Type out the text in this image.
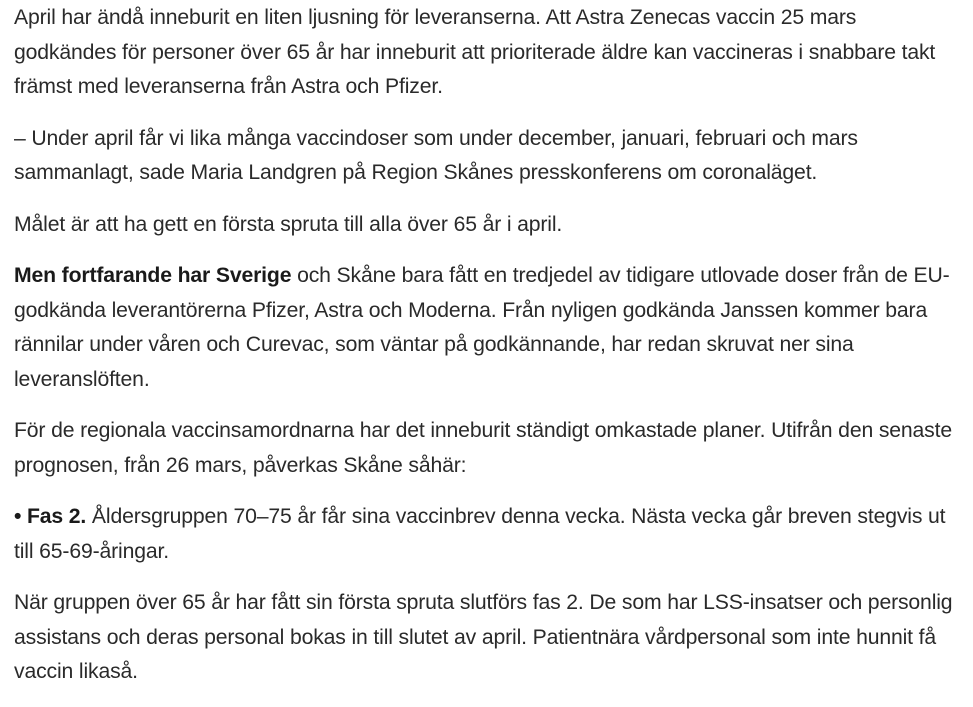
April har ändå inneburit en liten ljusning för leveranserna. Att Astra Zenecas vaccin 25 mars godkändes för personer över 65 år har inneburit att prioriterade äldre kan vaccineras i snabbare takt främst med leveranserna från Astra och Pfizer.

– Under april får vi lika många vaccindoser som under december, januari, februari och mars sammanlagt, sade Maria Landgren på Region Skånes presskonferens om coronaläget.

Målet är att ha gett en första spruta till alla över 65 år i april.

Men fortfarande har Sverige och Skåne bara fått en tredjedel av tidigare utlovade doser från de EU-godkända leverantörerna Pfizer, Astra och Moderna. Från nyligen godkända Janssen kommer bara rännilar under våren och Curevac, som väntar på godkännande, har redan skruvat ner sina leveranslöften.

För de regionala vaccinsamordnarna har det inneburit ständigt omkastade planer. Utifrån den senaste prognosen, från 26 mars, påverkas Skåne såhär:

• Fas 2. Åldersgruppen 70–75 år får sina vaccinbrev denna vecka. Nästa vecka går breven stegvis ut till 65-69-åringar.

När gruppen över 65 år har fått sin första spruta slutförs fas 2. De som har LSS-insatser och personlig assistans och deras personal bokas in till slutet av april. Patientnära vårdpersonal som inte hunnit få vaccin likaså.
